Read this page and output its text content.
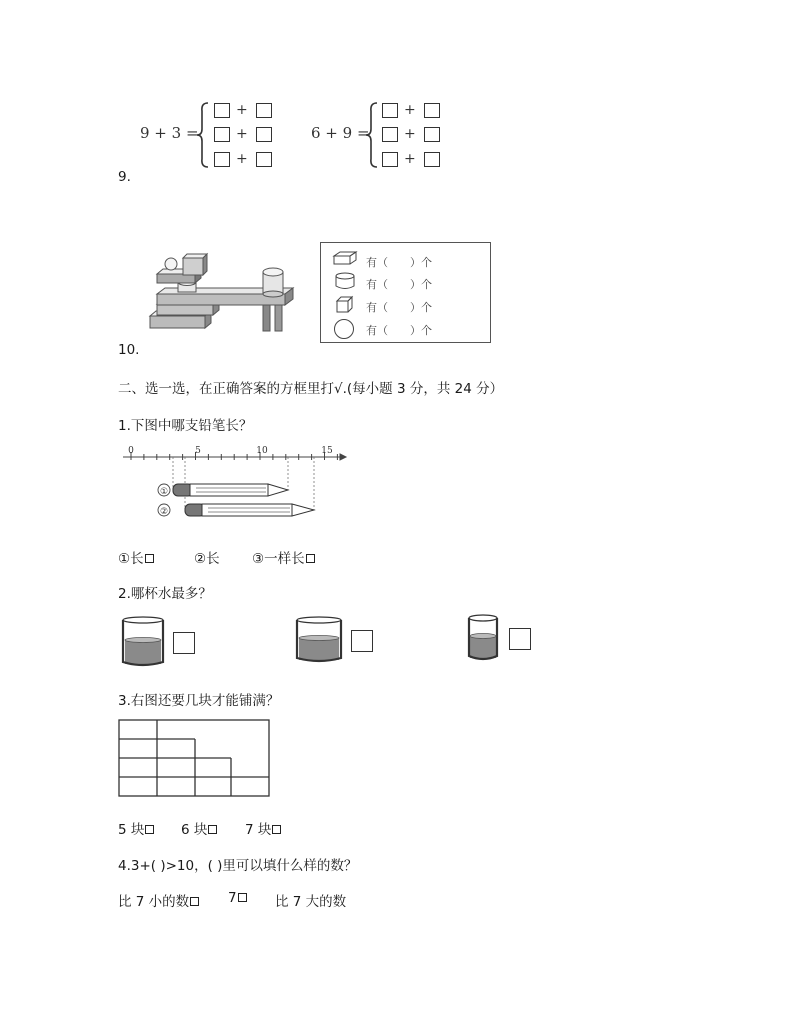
9 + 3 =
+
+
+
6 + 9 =
+
+
+
9.
有（　　）个
有（　　）个
有（　　）个
有（　　）个
10.
二、选一选，在正确答案的方框里打√.(每小题 3 分，共 24 分）
1.下图中哪支铅笔长？
0	5	10	15
①
②
①长	②长 ③一样长
2.哪杯水最多？
3.右图还要几块才能铺满？
5 块	6 块	7 块
4.3+( )>10，( )里可以填什么样的数？
比 7 小的数	7	比 7 大的数
